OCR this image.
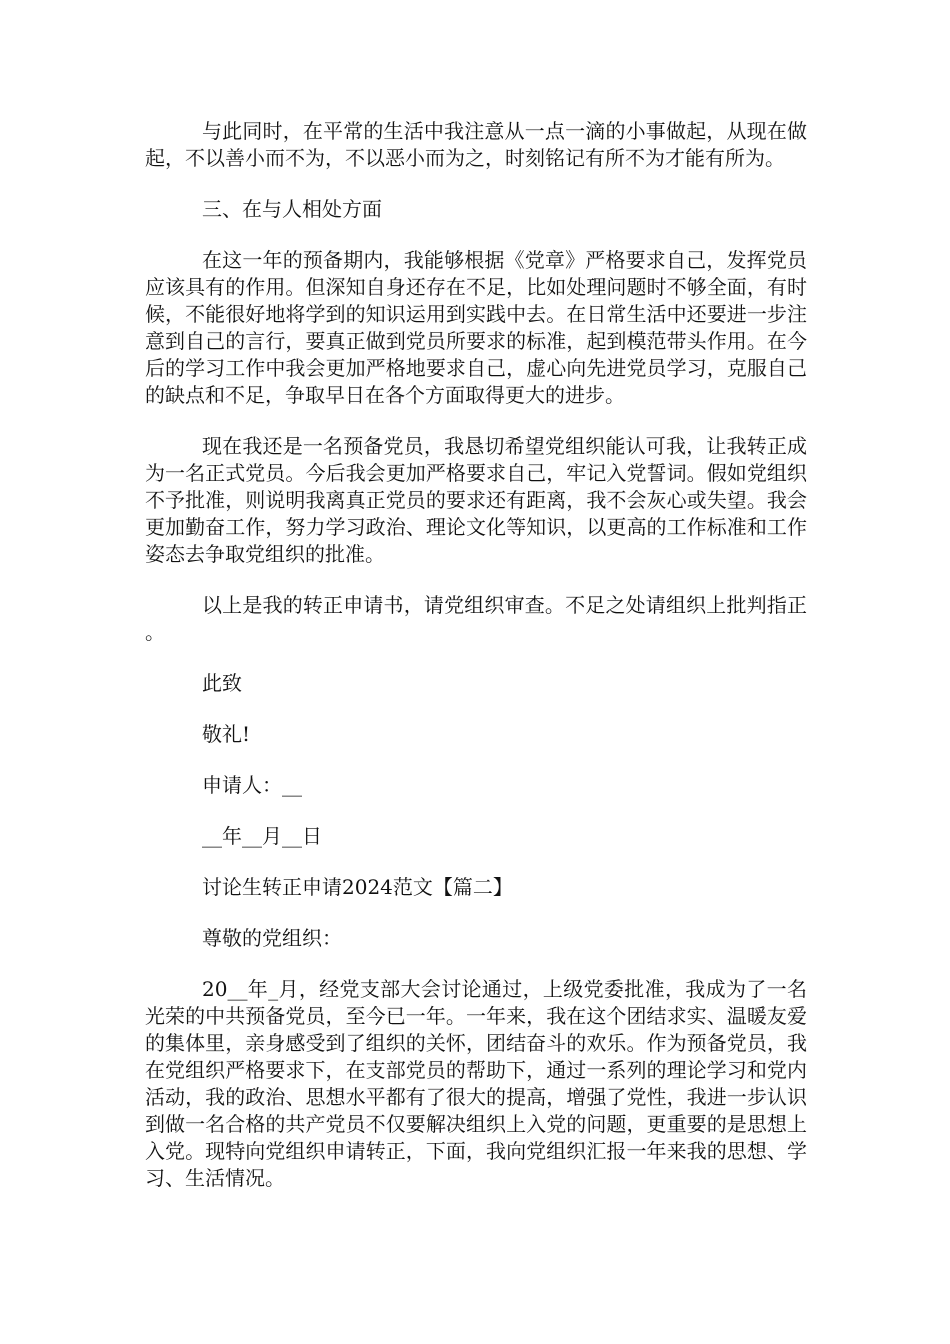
与此同时，在平常的生活中我注意从一点一滴的小事做起，从现在做起，不以善小而不为，不以恶小而为之，时刻铭记有所不为才能有所为。

三、在与人相处方面

在这一年的预备期内，我能够根据《党章》严格要求自己，发挥党员应该具有的作用。但深知自身还存在不足，比如处理问题时不够全面，有时候，不能很好地将学到的知识运用到实践中去。在日常生活中还要进一步注意到自己的言行，要真正做到党员所要求的标准，起到模范带头作用。在今后的学习工作中我会更加严格地要求自己，虚心向先进党员学习，克服自己的缺点和不足，争取早日在各个方面取得更大的进步。

现在我还是一名预备党员，我恳切希望党组织能认可我，让我转正成为一名正式党员。今后我会更加严格要求自己，牢记入党誓词。假如党组织不予批准，则说明我离真正党员的要求还有距离，我不会灰心或失望。我会更加勤奋工作，努力学习政治、理论文化等知识，以更高的工作标准和工作姿态去争取党组织的批准。

以上是我的转正申请书，请党组织审查。不足之处请组织上批判指正。

此致

敬礼!

申请人：__

__年__月__日

讨论生转正申请2024范文【篇二】

尊敬的党组织：

20__年_月，经党支部大会讨论通过，上级党委批准，我成为了一名光荣的中共预备党员，至今已一年。一年来，我在这个团结求实、温暖友爱的集体里，亲身感受到了组织的关怀，团结奋斗的欢乐。作为预备党员，我在党组织严格要求下，在支部党员的帮助下，通过一系列的理论学习和党内活动，我的政治、思想水平都有了很大的提高，增强了党性，我进一步认识到做一名合格的共产党员不仅要解决组织上入党的问题，更重要的是思想上入党。现特向党组织申请转正，下面，我向党组织汇报一年来我的思想、学习、生活情况。
